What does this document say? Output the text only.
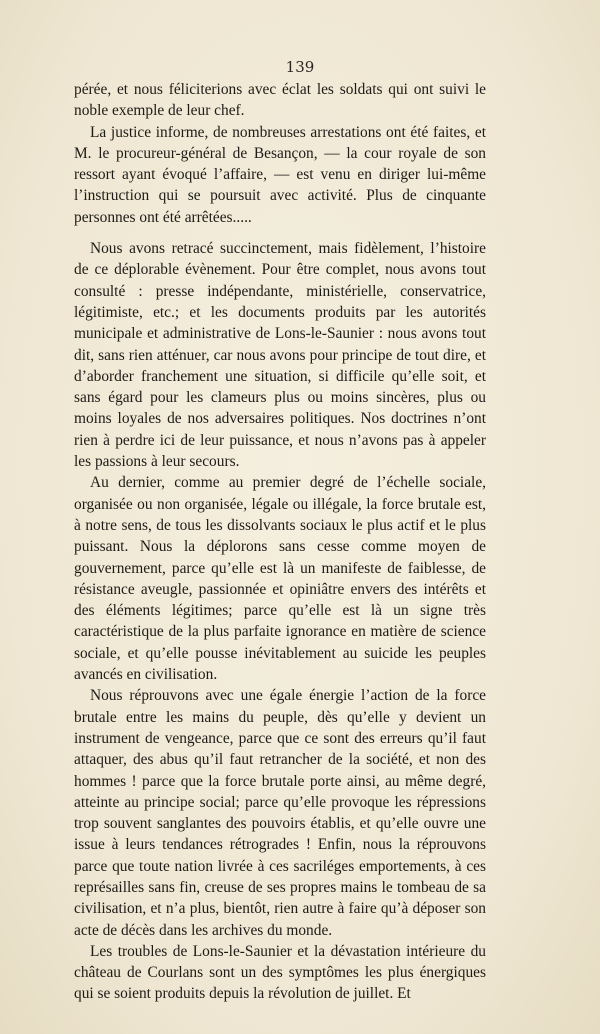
139

pérée, et nous féliciterions avec éclat les soldats qui ont suivi le noble exemple de leur chef.

La justice informe, de nombreuses arrestations ont été faites, et M. le procureur-général de Besançon, — la cour royale de son ressort ayant évoqué l’affaire, — est venu en diriger lui-même l’instruction qui se poursuit avec activité. Plus de cinquante personnes ont été arrêtées.....

Nous avons retracé succinctement, mais fidèlement, l’histoire de ce déplorable évènement. Pour être complet, nous avons tout consulté : presse indépendante, ministérielle, conservatrice, légitimiste, etc.; et les documents produits par les autorités municipale et administrative de Lons-le-Saunier : nous avons tout dit, sans rien atténuer, car nous avons pour principe de tout dire, et d’aborder franchement une situation, si difficile qu’elle soit, et sans égard pour les clameurs plus ou moins sincères, plus ou moins loyales de nos adversaires politiques. Nos doctrines n’ont rien à perdre ici de leur puissance, et nous n’avons pas à appeler les passions à leur secours.

Au dernier, comme au premier degré de l’échelle sociale, organisée ou non organisée, légale ou illégale, la force brutale est, à notre sens, de tous les dissolvants sociaux le plus actif et le plus puissant. Nous la déplorons sans cesse comme moyen de gouvernement, parce qu’elle est là un manifeste de faiblesse, de résistance aveugle, passionnée et opiniâtre envers des intérêts et des éléments légitimes; parce qu’elle est là un signe très caractéristique de la plus parfaite ignorance en matière de science sociale, et qu’elle pousse inévitablement au suicide les peuples avancés en civilisation.

Nous réprouvons avec une égale énergie l’action de la force brutale entre les mains du peuple, dès qu’elle y devient un instrument de vengeance, parce que ce sont des erreurs qu’il faut attaquer, des abus qu’il faut retrancher de la société, et non des hommes ! parce que la force brutale porte ainsi, au même degré, atteinte au principe social; parce qu’elle provoque les répressions trop souvent sanglantes des pouvoirs établis, et qu’elle ouvre une issue à leurs tendances rétrogrades ! Enfin, nous la réprouvons parce que toute nation livrée à ces sacriléges emportements, à ces représailles sans fin, creuse de ses propres mains le tombeau de sa civilisation, et n’a plus, bientôt, rien autre à faire qu’à déposer son acte de décès dans les archives du monde.

Les troubles de Lons-le-Saunier et la dévastation intérieure du château de Courlans sont un des symptômes les plus énergiques qui se soient produits depuis la révolution de juillet. Et
